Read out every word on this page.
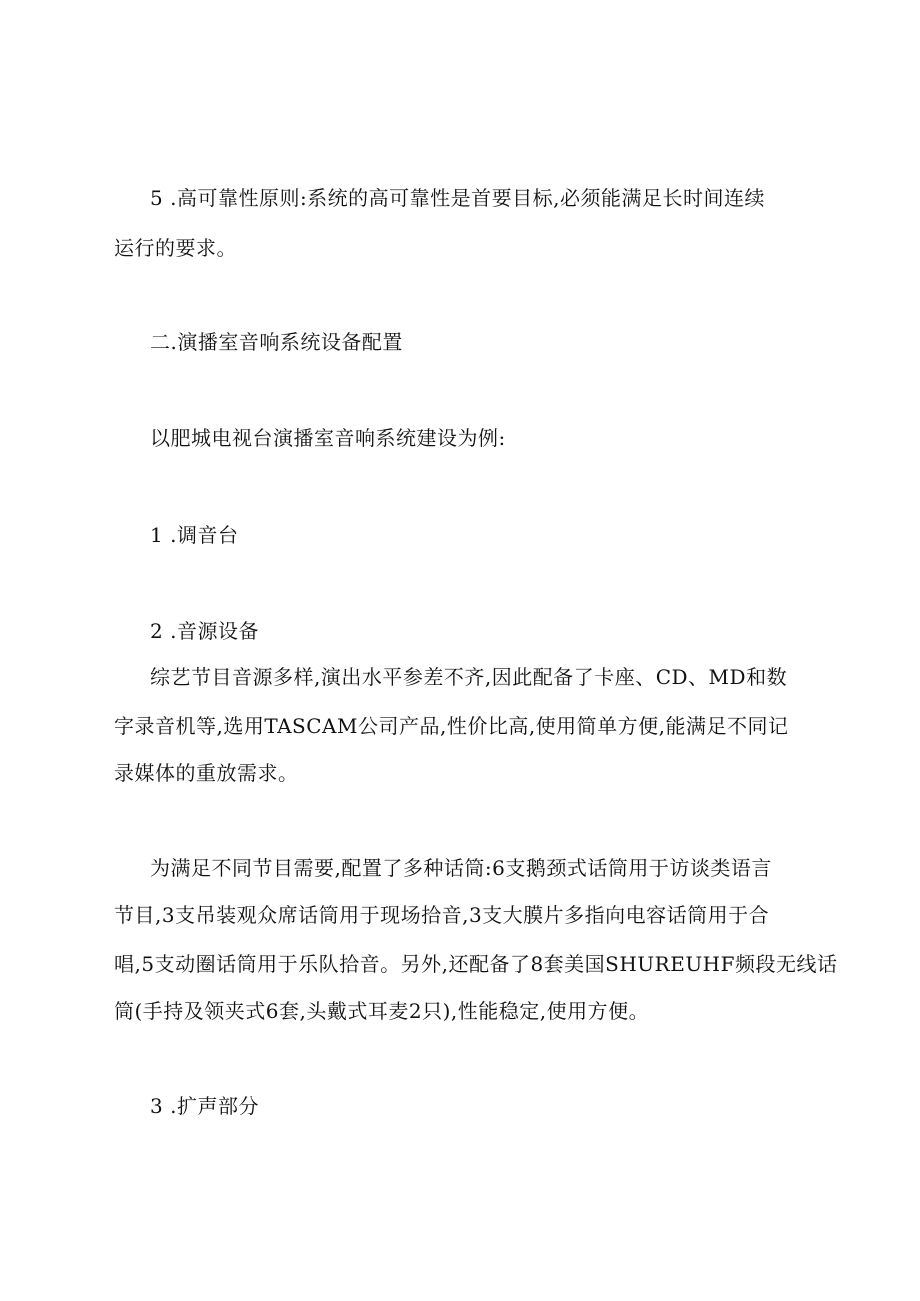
5 .高可靠性原则:系统的高可靠性是首要目标,必须能满足长时间连续
运行的要求。
二.演播室音响系统设备配置
以肥城电视台演播室音响系统建设为例:
1 .调音台
2 .音源设备
综艺节目音源多样,演出水平参差不齐,因此配备了卡座、CD、MD和数
字录音机等,选用TASCAM公司产品,性价比高,使用简单方便,能满足不同记
录媒体的重放需求。
为满足不同节目需要,配置了多种话筒:6支鹅颈式话筒用于访谈类语言
节目,3支吊装观众席话筒用于现场拾音,3支大膜片多指向电容话筒用于合
唱,5支动圈话筒用于乐队拾音。另外,还配备了8套美国SHUREUHF频段无线话
筒(手持及领夹式6套,头戴式耳麦2只),性能稳定,使用方便。
3 .扩声部分
